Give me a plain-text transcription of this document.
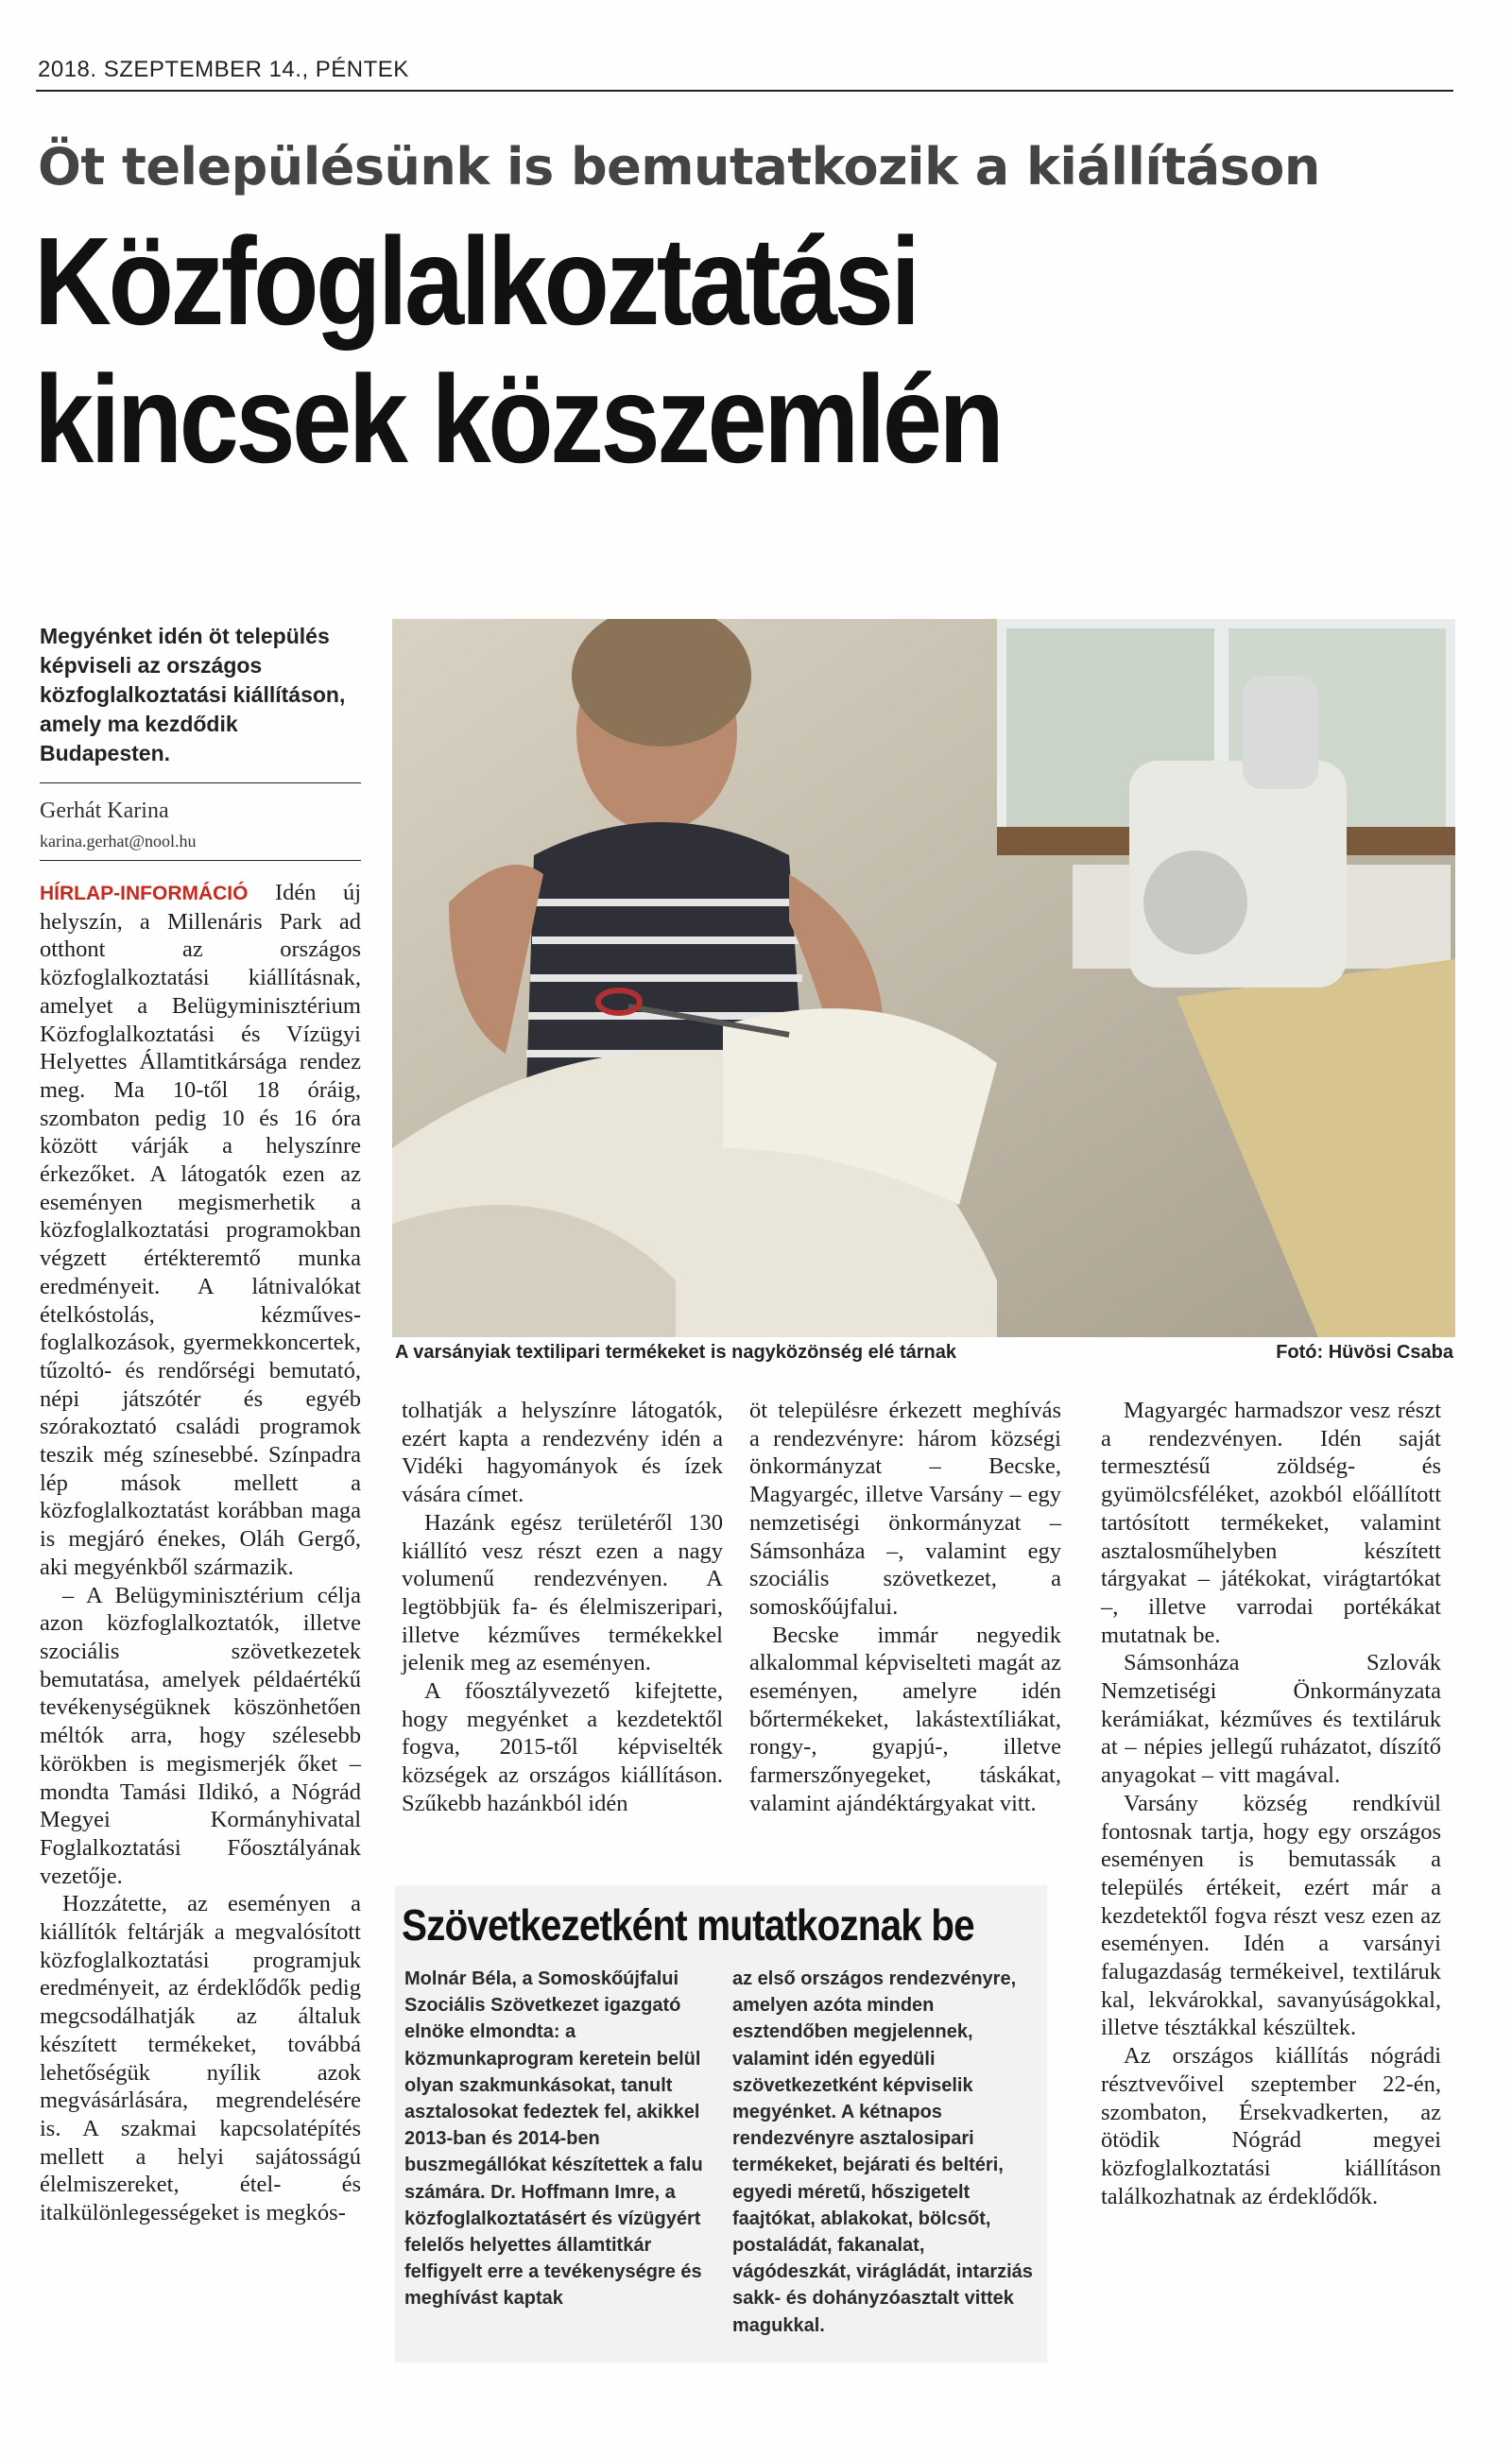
2018. SZEPTEMBER 14., PÉNTEK
Öt településünk is bemutatkozik a kiállításon
Közfoglalkoztatási
kincsek közszemlén
Megyénket idén öt település képviseli az országos közfoglalkoztatási kiállításon, amely ma kezdődik Budapesten.
Gerhát Karina
karina.gerhat@nool.hu
A varsányiak textilipari termékeket is nagyközönség elé tárnak	Fotó: Hüvösi Csaba

HÍRLAP-INFORMÁCIÓ Idén új helyszín, a Millenáris Park ad otthont az országos közfoglalkoztatási kiállításnak, amelyet a Belügyminisztérium Közfoglalkoztatási és Vízügyi Helyettes Államtitkársága rendez meg. Ma 10-től 18 óráig, szombaton pedig 10 és 16 óra között várják a helyszínre érkezőket. A látogatók ezen az eseményen megismerhetik a közfoglalkoztatási programokban végzett értékteremtő munka eredményeit. A látnivalókat ételkóstolás, kézműves-foglalkozások, gyermekkoncertek, tűzoltó- és rendőrségi bemutató, népi játszótér és egyéb szórakoztató családi programok teszik még színesebbé. Színpadra lép mások mellett a közfoglalkoztatást korábban maga is megjáró énekes, Oláh Gergő, aki megyénkből származik.

– A Belügyminisztérium célja azon közfoglalkoztatók, illetve szociális szövetkezetek bemutatása, amelyek példaértékű tevékenységüknek köszönhetően méltók arra, hogy szélesebb körökben is megismerjék őket – mondta Tamási Ildikó, a Nógrád Megyei Kormányhivatal Foglalkoztatási Főosztályának vezetője.

Hozzátette, az eseményen a kiállítók feltárják a megvalósított közfoglalkoztatási programjuk eredményeit, az érdeklődők pedig megcsodálhatják az általuk készített termékeket, továbbá lehetőségük nyílik azok megvásárlására, megrendelésére is. A szakmai kapcsolatépítés mellett a helyi sajátosságú élelmiszereket, étel- és italkülönlegességeket is megkós-

tolhatják a helyszínre látogatók, ezért kapta a rendezvény idén a Vidéki hagyományok és ízek vására címet.

Hazánk egész területéről 130 kiállító vesz részt ezen a nagy volumenű rendezvényen. A legtöbbjük fa- és élelmiszeripari, illetve kézműves termékekkel jelenik meg az eseményen.

A főosztályvezető kifejtette, hogy megyénket a kezdetektől fogva, 2015-től képviselték községek az országos kiállításon. Szűkebb hazánkból idén

öt településre érkezett meghívás a rendezvényre: három községi önkormányzat – Becske, Magyargéc, illetve Varsány – egy nemzetiségi önkormányzat – Sámsonháza –, valamint egy szociális szövetkezet, a somoskőújfalui.

Becske immár negyedik alkalommal képviselteti magát az eseményen, amelyre idén bőrtermékeket, lakástextíliákat, rongy-, gyapjú-, illetve farmerszőnyegeket, táskákat, valamint ajándéktárgyakat vitt.

Magyargéc harmadszor vesz részt a rendezvényen. Idén saját termesztésű zöldség- és gyümölcsféléket, azokból előállított tartósított termékeket, valamint asztalosműhelyben készített tárgyakat – játékokat, virágtartókat –, illetve varrodai portékákat mutatnak be.

Sámsonháza Szlovák Nemzetiségi Önkormányzata kerámiákat, kézműves és textiláruk at – népies jellegű ruházatot, díszítő anyagokat – vitt magával.

Varsány község rendkívül fontosnak tartja, hogy egy országos eseményen is bemutassák a település értékeit, ezért már a kezdetektől fogva részt vesz ezen az eseményen. Idén a varsányi falugazdaság termékeivel, textiláruk kal, lekvárokkal, savanyúságokkal, illetve tésztákkal készültek.

Az országos kiállítás nógrádi résztvevőivel szeptember 22-én, szombaton, Érsekvadkerten, az ötödik Nógrád megyei közfoglalkoztatási kiállításon találkozhatnak az érdeklődők.

Szövetkezetként mutatkoznak be

Molnár Béla, a Somoskőújfalui Szociális Szövetkezet igazgató elnöke elmondta: a közmunkaprogram keretein belül olyan szakmunkásokat, tanult asztalosokat fedeztek fel, akikkel 2013-ban és 2014-ben buszmegállókat készítettek a falu számára. Dr. Hoffmann Imre, a közfoglalkoztatásért és vízügyért felelős helyettes államtitkár felfigyelt erre a tevékenységre és meghívást kaptak

az első országos rendezvényre, amelyen azóta minden esztendőben megjelennek, valamint idén egyedüli szövetkezetként képviselik megyénket. A kétnapos rendezvényre asztalosipari termékeket, bejárati és beltéri, egyedi méretű, hőszigetelt faajtókat, ablakokat, bölcsőt, postaládát, fakanalat, vágódeszkát, virágládát, intarziás sakk- és dohányzóasztalt vittek magukkal.
